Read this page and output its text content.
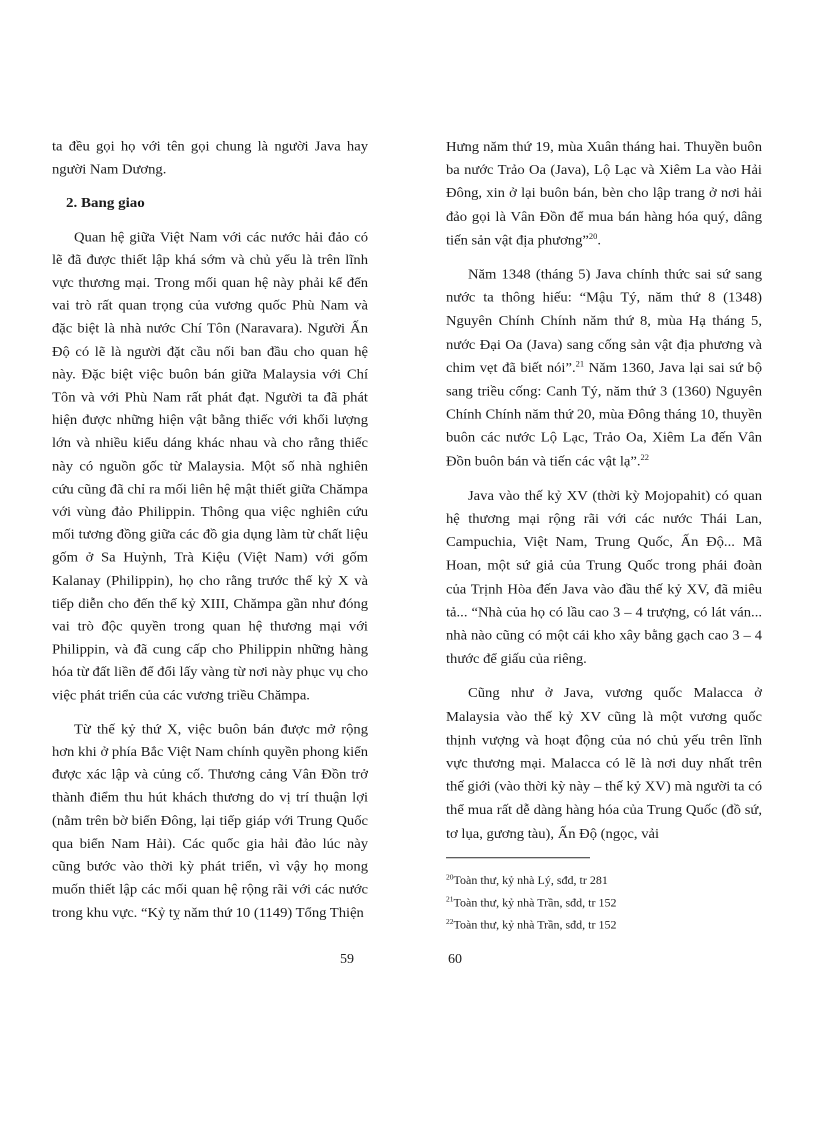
ta đều gọi họ với tên gọi chung là người Java hay người Nam Dương.

2. Bang giao

Quan hệ giữa Việt Nam với các nước hải đảo có lẽ đã được thiết lập khá sớm và chủ yếu là trên lĩnh vực thương mại. Trong mối quan hệ này phải kể đến vai trò rất quan trọng của vương quốc Phù Nam và đặc biệt là nhà nước Chí Tôn (Naravara). Người Ấn Độ có lẽ là người đặt cầu nối ban đầu cho quan hệ này. Đặc biệt việc buôn bán giữa Malaysia với Chí Tôn và với Phù Nam rất phát đạt. Người ta đã phát hiện được những hiện vật bằng thiếc với khối lượng lớn và nhiều kiểu dáng khác nhau và cho rằng thiếc này có nguồn gốc từ Malaysia. Một số nhà nghiên cứu cũng đã chỉ ra mối liên hệ mật thiết giữa Chămpa với vùng đảo Philippin. Thông qua việc nghiên cứu mối tương đồng giữa các đồ gia dụng làm từ chất liệu gốm ở Sa Huỳnh, Trà Kiệu (Việt Nam) với gốm Kalanay (Philippin), họ cho rằng trước thế kỷ X và tiếp diễn cho đến thế kỷ XIII, Chămpa gần như đóng vai trò độc quyền trong quan hệ thương mại với Philippin, và đã cung cấp cho Philippin những hàng hóa từ đất liền để đổi lấy vàng từ nơi này phục vụ cho việc phát triển của các vương triều Chămpa.

Từ thế kỷ thứ X, việc buôn bán được mở rộng hơn khi ở phía Bắc Việt Nam chính quyền phong kiến được xác lập và củng cố. Thương cảng Vân Đồn trở thành điểm thu hút khách thương do vị trí thuận lợi (nằm trên bờ biển Đông, lại tiếp giáp với Trung Quốc qua biển Nam Hải). Các quốc gia hải đảo lúc này cũng bước vào thời kỳ phát triển, vì vậy họ mong muốn thiết lập các mối quan hệ rộng rãi với các nước trong khu vực. “Kỷ tỵ năm thứ 10 (1149) Tổng Thiện

59

Hưng năm thứ 19, mùa Xuân tháng hai. Thuyền buôn ba nước Trảo Oa (Java), Lộ Lạc và Xiêm La vào Hải Đông, xin ở lại buôn bán, bèn cho lập trang ở nơi hải đảo gọi là Vân Đồn để mua bán hàng hóa quý, dâng tiến sản vật địa phương”$^{20}$.

Năm 1348 (tháng 5) Java chính thức sai sứ sang nước ta thông hiếu: “Mậu Tý, năm thứ 8 (1348) Nguyên Chính Chính năm thứ 8, mùa Hạ tháng 5, nước Đại Oa (Java) sang cống sản vật địa phương và chim vẹt đã biết nói”.$^{21}$ Năm 1360, Java lại sai sứ bộ sang triều cống: Canh Tý, năm thứ 3 (1360) Nguyên Chính Chính năm thứ 20, mùa Đông tháng 10, thuyền buôn các nước Lộ Lạc, Trảo Oa, Xiêm La đến Vân Đồn buôn bán và tiến các vật lạ”.$^{22}$

Java vào thế kỷ XV (thời kỳ Mojopahit) có quan hệ thương mại rộng rãi với các nước Thái Lan, Campuchia, Việt Nam, Trung Quốc, Ấn Độ... Mã Hoan, một sứ giả của Trung Quốc trong phái đoàn của Trịnh Hòa đến Java vào đầu thế kỷ XV, đã miêu tả... “Nhà của họ có lầu cao 3 – 4 trượng, có lát ván... nhà nào cũng có một cái kho xây bằng gạch cao 3 – 4 thước để giấu của riêng.

Cũng như ở Java, vương quốc Malacca ở Malaysia vào thế kỷ XV cũng là một vương quốc thịnh vượng và hoạt động của nó chủ yếu trên lĩnh vực thương mại. Malacca có lẽ là nơi duy nhất trên thế giới (vào thời kỳ này – thế kỷ XV) mà người ta có thể mua rất dễ dàng hàng hóa của Trung Quốc (đồ sứ, tơ lụa, gương tàu), Ấn Độ (ngọc, vải

$^{20}$Toàn thư, kỷ nhà Lý, sđd, tr 281
$^{21}$Toàn thư, kỷ nhà Trần, sđd, tr 152
$^{22}$Toàn thư, kỷ nhà Trần, sđd, tr 152
60
